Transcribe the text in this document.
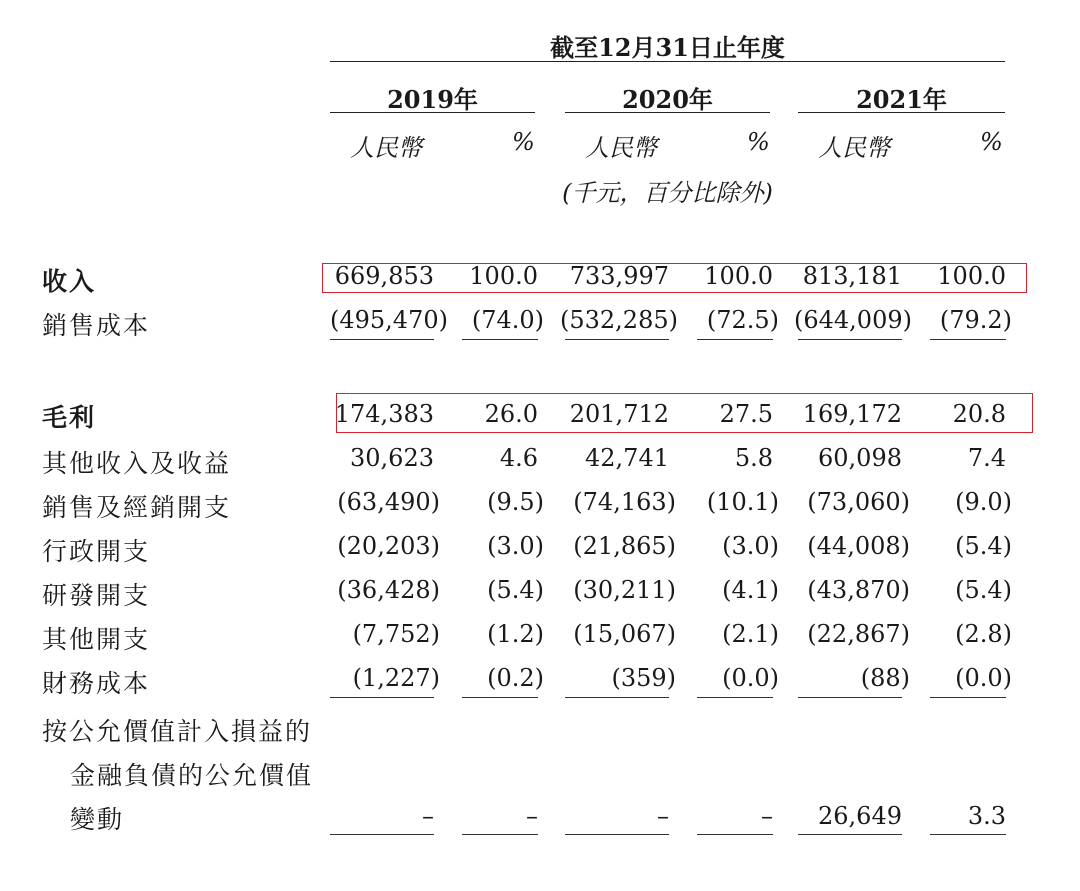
截至12月31日止年度
2019年	2020年	2021年
人民幣	% 人民幣	% 人民幣	%
(千元，百分比除外)
收入	669,853	100.0 733,997	100.0 813,181	100.0
銷售成本	(495,470) (74.0) (532,285)	(72.5) (644,009)	(79.2)
毛利	174,383	26.0 201,712	27.5 169,172	20.8
其他收入及收益	30,623	4.6	42,741	5.8	60,098	7.4
銷售及經銷開支	(63,490)	(9.5)	(74,163)	(10.1)	(73,060)	(9.0)
行政開支	(20,203)	(3.0)	(21,865)	(3.0)	(44,008)	(5.4)
研發開支	(36,428)	(5.4)	(30,211)	(4.1)	(43,870)	(5.4)
其他開支	(7,752)	(1.2)	(15,067)	(2.1)	(22,867)	(2.8)
財務成本	(1,227)	(0.2)	(359)	(0.0)	(88)	(0.0)
按公允價值計入損益的
金融負債的公允價值
變動	–	–	–	–	26,649	3.3
